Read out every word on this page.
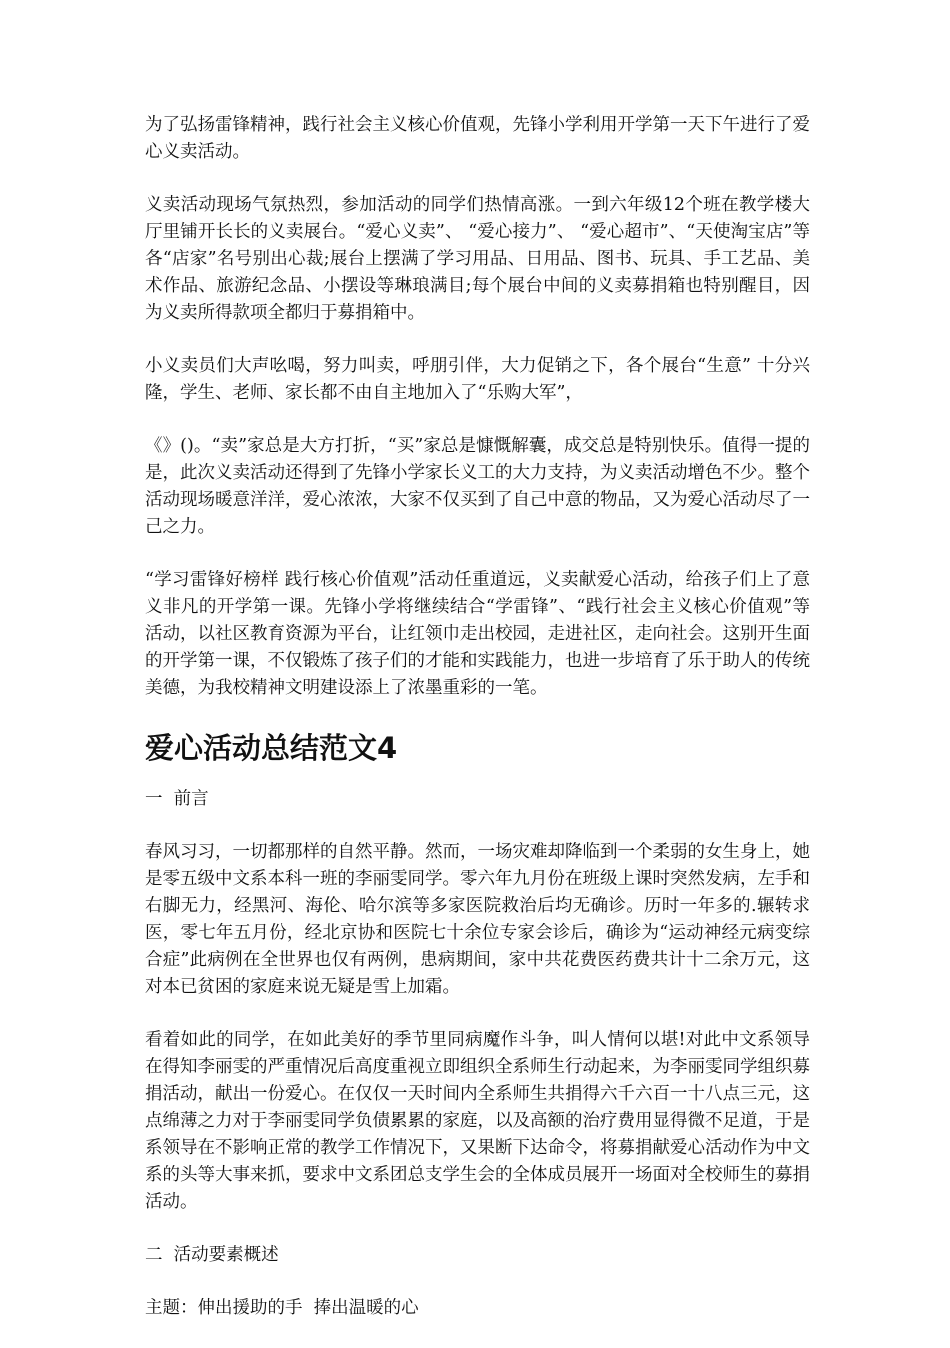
为了弘扬雷锋精神，践行社会主义核心价值观，先锋小学利用开学第一天下午进行了爱心义卖活动。

义卖活动现场气氛热烈，参加活动的同学们热情高涨。一到六年级12个班在教学楼大厅里铺开长长的义卖展台。“爱心义卖”、 “爱心接力”、 “爱心超市”、“天使淘宝店”等各“店家”名号别出心裁;展台上摆满了学习用品、日用品、图书、玩具、手工艺品、美术作品、旅游纪念品、小摆设等琳琅满目;每个展台中间的义卖募捐箱也特别醒目，因为义卖所得款项全都归于募捐箱中。

小义卖员们大声吆喝，努力叫卖，呼朋引伴，大力促销之下，各个展台“生意” 十分兴隆，学生、老师、家长都不由自主地加入了“乐购大军”，

《》()。“卖”家总是大方打折，“买”家总是慷慨解囊，成交总是特别快乐。值得一提的是，此次义卖活动还得到了先锋小学家长义工的大力支持，为义卖活动增色不少。整个活动现场暖意洋洋，爱心浓浓，大家不仅买到了自己中意的物品，又为爱心活动尽了一己之力。

“学习雷锋好榜样 践行核心价值观”活动任重道远，义卖献爱心活动，给孩子们上了意义非凡的开学第一课。先锋小学将继续结合“学雷锋”、“践行社会主义核心价值观”等活动，以社区教育资源为平台，让红领巾走出校园，走进社区，走向社会。这别开生面的开学第一课，不仅锻炼了孩子们的才能和实践能力，也进一步培育了乐于助人的传统美德，为我校精神文明建设添上了浓墨重彩的一笔。

爱心活动总结范文4

一  前言

春风习习，一切都那样的自然平静。然而，一场灾难却降临到一个柔弱的女生身上，她是零五级中文系本科一班的李丽雯同学。零六年九月份在班级上课时突然发病，左手和右脚无力，经黑河、海伦、哈尔滨等多家医院救治后均无确诊。历时一年多的.辗转求医，零七年五月份，经北京协和医院七十余位专家会诊后，确诊为“运动神经元病变综合症”此病例在全世界也仅有两例，患病期间，家中共花费医药费共计十二余万元，这对本已贫困的家庭来说无疑是雪上加霜。

看着如此的同学，在如此美好的季节里同病魔作斗争，叫人情何以堪!对此中文系领导在得知李丽雯的严重情况后高度重视立即组织全系师生行动起来，为李丽雯同学组织募捐活动，献出一份爱心。在仅仅一天时间内全系师生共捐得六千六百一十八点三元，这点绵薄之力对于李丽雯同学负债累累的家庭，以及高额的治疗费用显得微不足道，于是系领导在不影响正常的教学工作情况下，又果断下达命令，将募捐献爱心活动作为中文系的头等大事来抓，要求中文系团总支学生会的全体成员展开一场面对全校师生的募捐活动。

二  活动要素概述

主题：伸出援助的手  捧出温暖的心
